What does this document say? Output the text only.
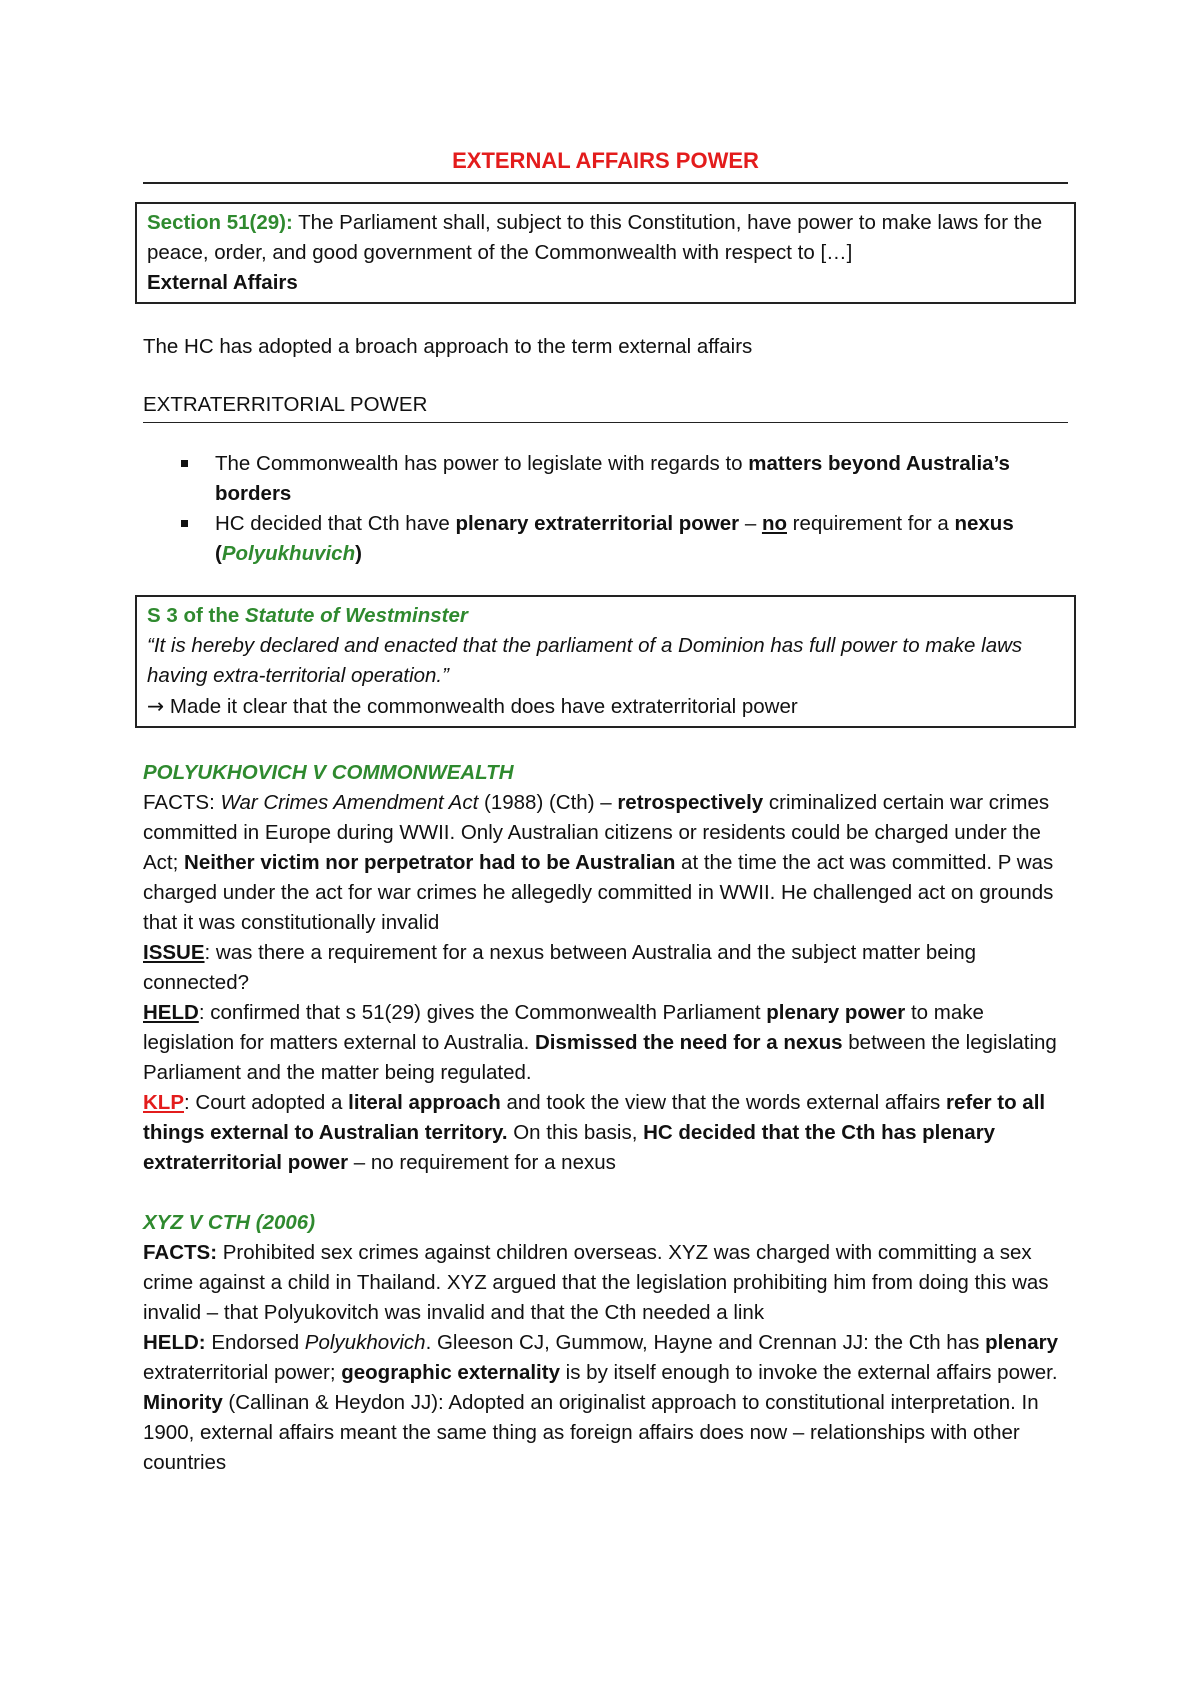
EXTERNAL AFFAIRS POWER
Section 51(29): The Parliament shall, subject to this Constitution, have power to make laws for the peace, order, and good government of the Commonwealth with respect to […]
External Affairs
The HC has adopted a broach approach to the term external affairs
EXTRATERRITORIAL POWER
The Commonwealth has power to legislate with regards to matters beyond Australia’s borders
HC decided that Cth have plenary extraterritorial power – no requirement for a nexus (Polyukhuvich)
S 3 of the Statute of Westminster
“It is hereby declared and enacted that the parliament of a Dominion has full power to make laws having extra-territorial operation.”
→ Made it clear that the commonwealth does have extraterritorial power
POLYUKHOVICH V COMMONWEALTH
FACTS: War Crimes Amendment Act (1988) (Cth) – retrospectively criminalized certain war crimes committed in Europe during WWII. Only Australian citizens or residents could be charged under the Act; Neither victim nor perpetrator had to be Australian at the time the act was committed. P was charged under the act for war crimes he allegedly committed in WWII. He challenged act on grounds that it was constitutionally invalid
ISSUE: was there a requirement for a nexus between Australia and the subject matter being connected?
HELD: confirmed that s 51(29) gives the Commonwealth Parliament plenary power to make legislation for matters external to Australia. Dismissed the need for a nexus between the legislating Parliament and the matter being regulated.
KLP: Court adopted a literal approach and took the view that the words external affairs refer to all things external to Australian territory. On this basis, HC decided that the Cth has plenary extraterritorial power – no requirement for a nexus
XYZ V CTH (2006)
FACTS: Prohibited sex crimes against children overseas. XYZ was charged with committing a sex crime against a child in Thailand. XYZ argued that the legislation prohibiting him from doing this was invalid – that Polyukovitch was invalid and that the Cth needed a link
HELD: Endorsed Polyukhovich. Gleeson CJ, Gummow, Hayne and Crennan JJ: the Cth has plenary extraterritorial power; geographic externality is by itself enough to invoke the external affairs power.
Minority (Callinan & Heydon JJ): Adopted an originalist approach to constitutional interpretation. In 1900, external affairs meant the same thing as foreign affairs does now – relationships with other countries
